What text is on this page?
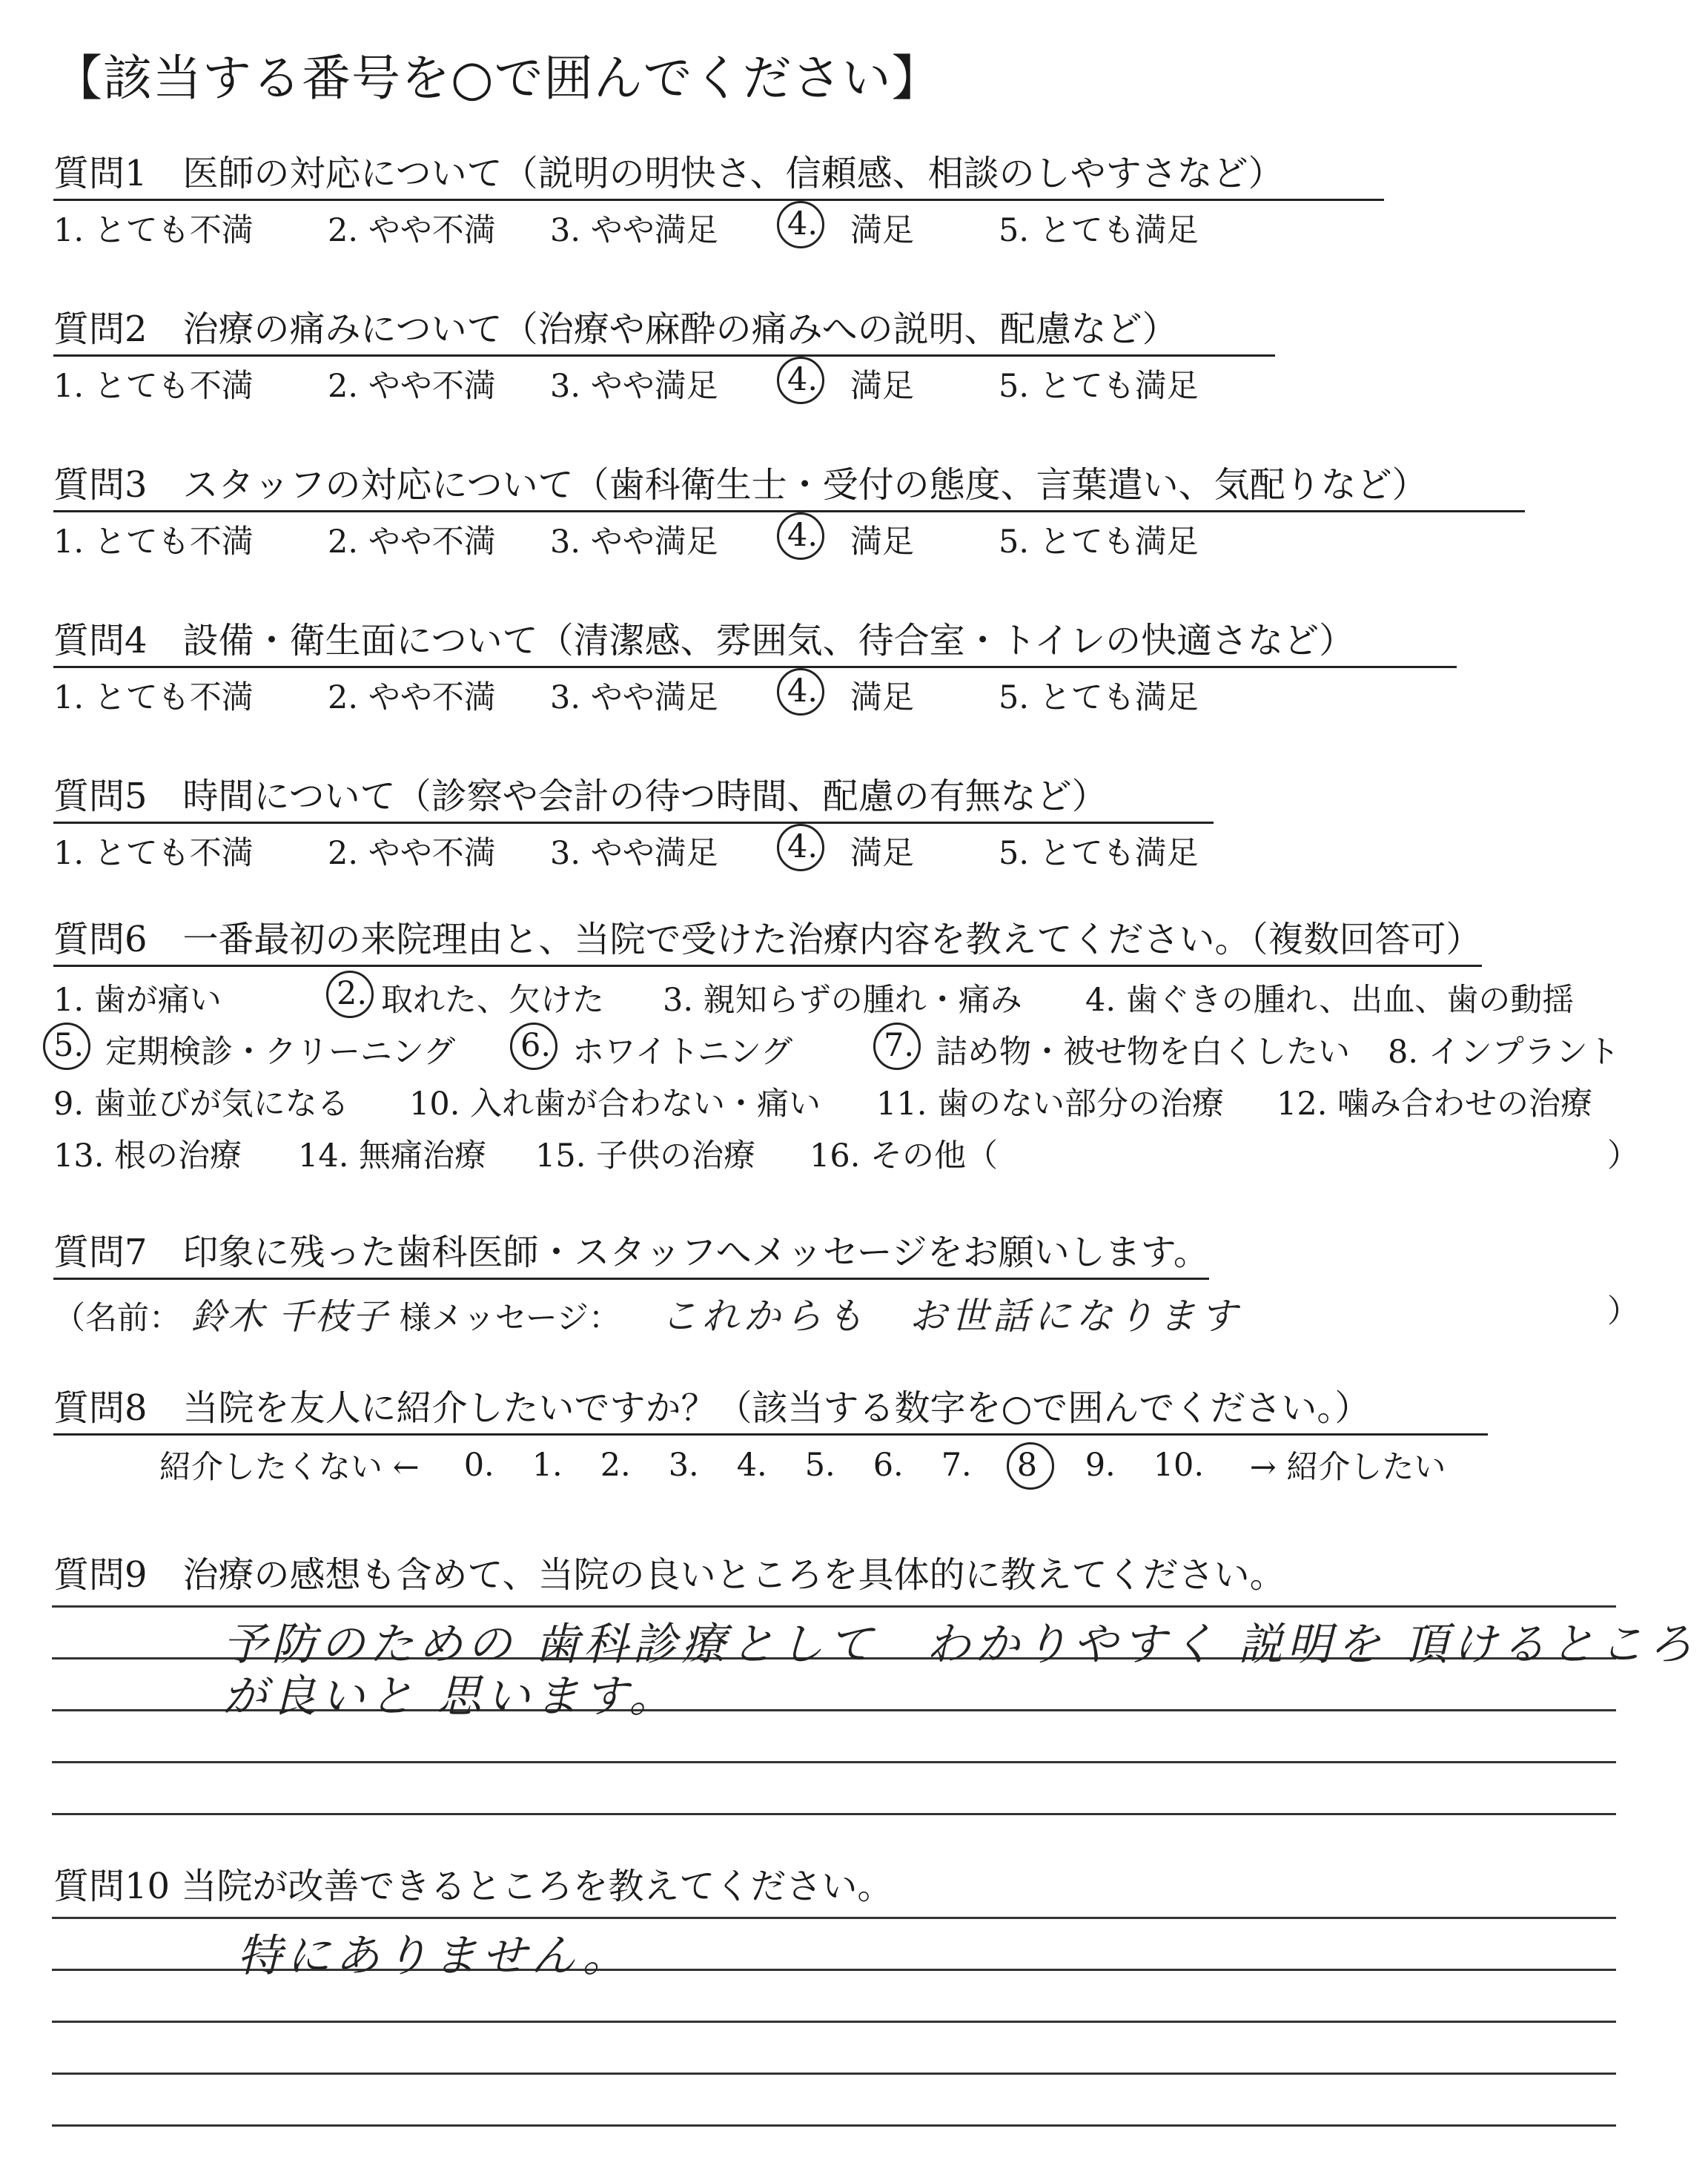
【該当する番号を○で囲んでください】
質問1　医師の対応について（説明の明快さ、信頼感、相談のしやすさなど）
1. とても不満	2. やや不満	3. やや満足	4.	満足	5. とても満足
質問2　治療の痛みについて（治療や麻酔の痛みへの説明、配慮など）
1. とても不満	2. やや不満	3. やや満足	4.	満足	5. とても満足
質問3　スタッフの対応について（歯科衛生士・受付の態度、言葉遣い、気配りなど）
1. とても不満	2. やや不満	3. やや満足	4.	満足	5. とても満足
質問4　設備・衛生面について（清潔感、雰囲気、待合室・トイレの快適さなど）
1. とても不満	2. やや不満	3. やや満足	4.	満足	5. とても満足
質問5　時間について（診察や会計の待つ時間、配慮の有無など）
1. とても不満	2. やや不満	3. やや満足	4.	満足	5. とても満足
質問6　一番最初の来院理由と、当院で受けた治療内容を教えてください。（複数回答可）
1. 歯が痛い	2. 取れた、欠けた	3. 親知らずの腫れ・痛み	4. 歯ぐきの腫れ、出血、歯の動揺
5. 定期検診・クリーニング	6. ホワイトニング	7. 詰め物・被せ物を白くしたい	8. インプラント
9. 歯並びが気になる	10. 入れ歯が合わない・痛い	11. 歯のない部分の治療	12. 噛み合わせの治療
13. 根の治療	14. 無痛治療	15. 子供の治療	16. その他（	）
質問7　印象に残った歯科医師・スタッフへメッセージをお願いします。
（名前： 鈴木 千枝子 様メッセージ： これからも　お世話になります	）
質問8　当院を友人に紹介したいですか？（該当する数字を○で囲んでください。）
紹介したくない ← 0.	1.	2.	3.	4.	5.	6.	7.	8	9.	10.	→ 紹介したい
質問9　治療の感想も含めて、当院の良いところを具体的に教えてください。
予防のための 歯科診療として　わかりやすく 説明を 頂けるところ
が良いと 思います。
質問10 当院が改善できるところを教えてください。
特にありません。
